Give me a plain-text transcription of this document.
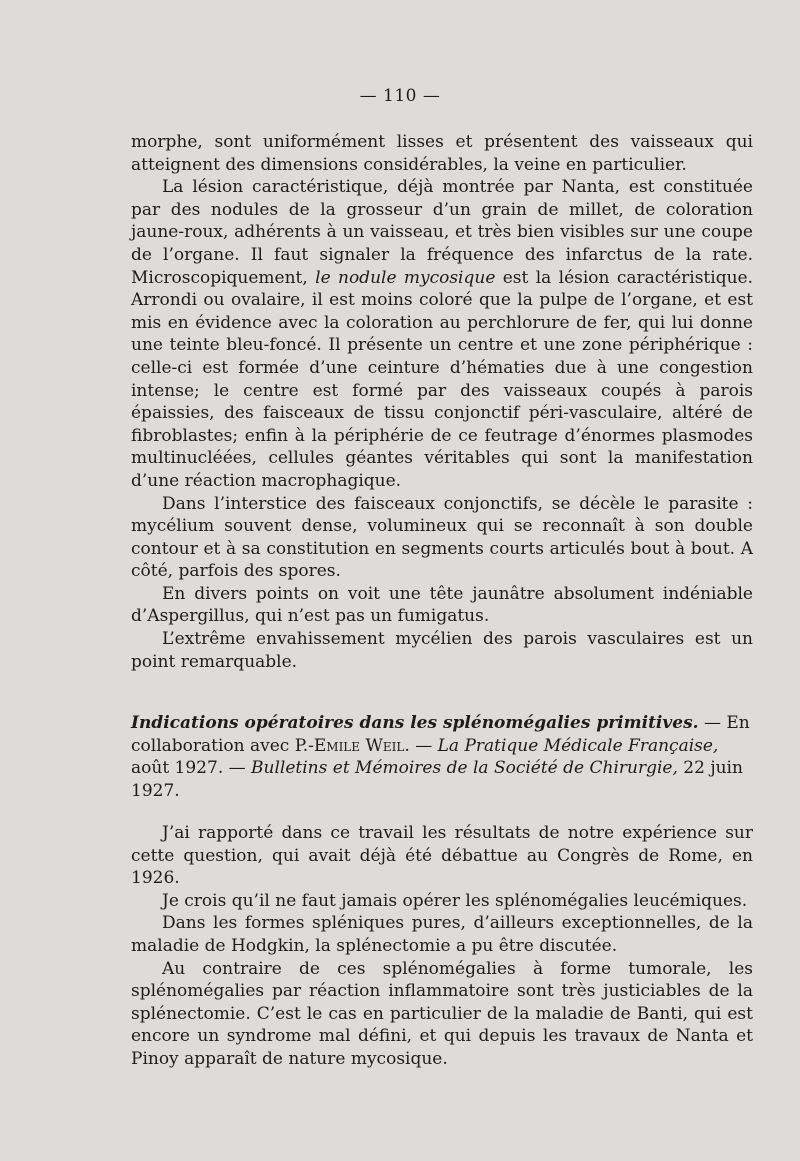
— 110 —

morphe, sont uniformément lisses et présentent des vaisseaux qui atteignent des dimensions considérables, la veine en particulier.

La lésion caractéristique, déjà montrée par Nanta, est constituée par des nodules de la grosseur d’un grain de millet, de coloration jaune-roux, adhérents à un vaisseau, et très bien visibles sur une coupe de l’organe. Il faut signaler la fréquence des infarctus de la rate. Microscopiquement, le nodule mycosique est la lésion caractéristique. Arrondi ou ovalaire, il est moins coloré que la pulpe de l’organe, et est mis en évidence avec la coloration au perchlorure de fer, qui lui donne une teinte bleu-foncé. Il présente un centre et une zone périphérique : celle-ci est formée d’une ceinture d’hématies due à une congestion intense; le centre est formé par des vaisseaux coupés à parois épaissies, des faisceaux de tissu conjonctif péri-vasculaire, altéré de fibroblastes; enfin à la périphérie de ce feutrage d’énormes plasmodes multinucléées, cellules géantes véritables qui sont la manifestation d’une réaction macrophagique.

Dans l’interstice des faisceaux conjonctifs, se décèle le parasite : mycélium souvent dense, volumineux qui se reconnaît à son double contour et à sa constitution en segments courts articulés bout à bout. A côté, parfois des spores.

En divers points on voit une tête jaunâtre absolument indéniable d’Aspergillus, qui n’est pas un fumigatus.

L’extrême envahissement mycélien des parois vasculaires est un point remarquable.

Indications opératoires dans les splénomégalies primitives. — En collaboration avec P.-Emile Weil. — La Pratique Médicale Française, août 1927. — Bulletins et Mémoires de la Société de Chirurgie, 22 juin 1927.

J’ai rapporté dans ce travail les résultats de notre expérience sur cette question, qui avait déjà été débattue au Congrès de Rome, en 1926.

Je crois qu’il ne faut jamais opérer les splénomégalies leucémiques.

Dans les formes spléniques pures, d’ailleurs exceptionnelles, de la maladie de Hodgkin, la splénectomie a pu être discutée.

Au contraire de ces splénomégalies à forme tumorale, les splénomégalies par réaction inflammatoire sont très justiciables de la splénectomie. C’est le cas en particulier de la maladie de Banti, qui est encore un syndrome mal défini, et qui depuis les travaux de Nanta et Pinoy apparaît de nature mycosique.
